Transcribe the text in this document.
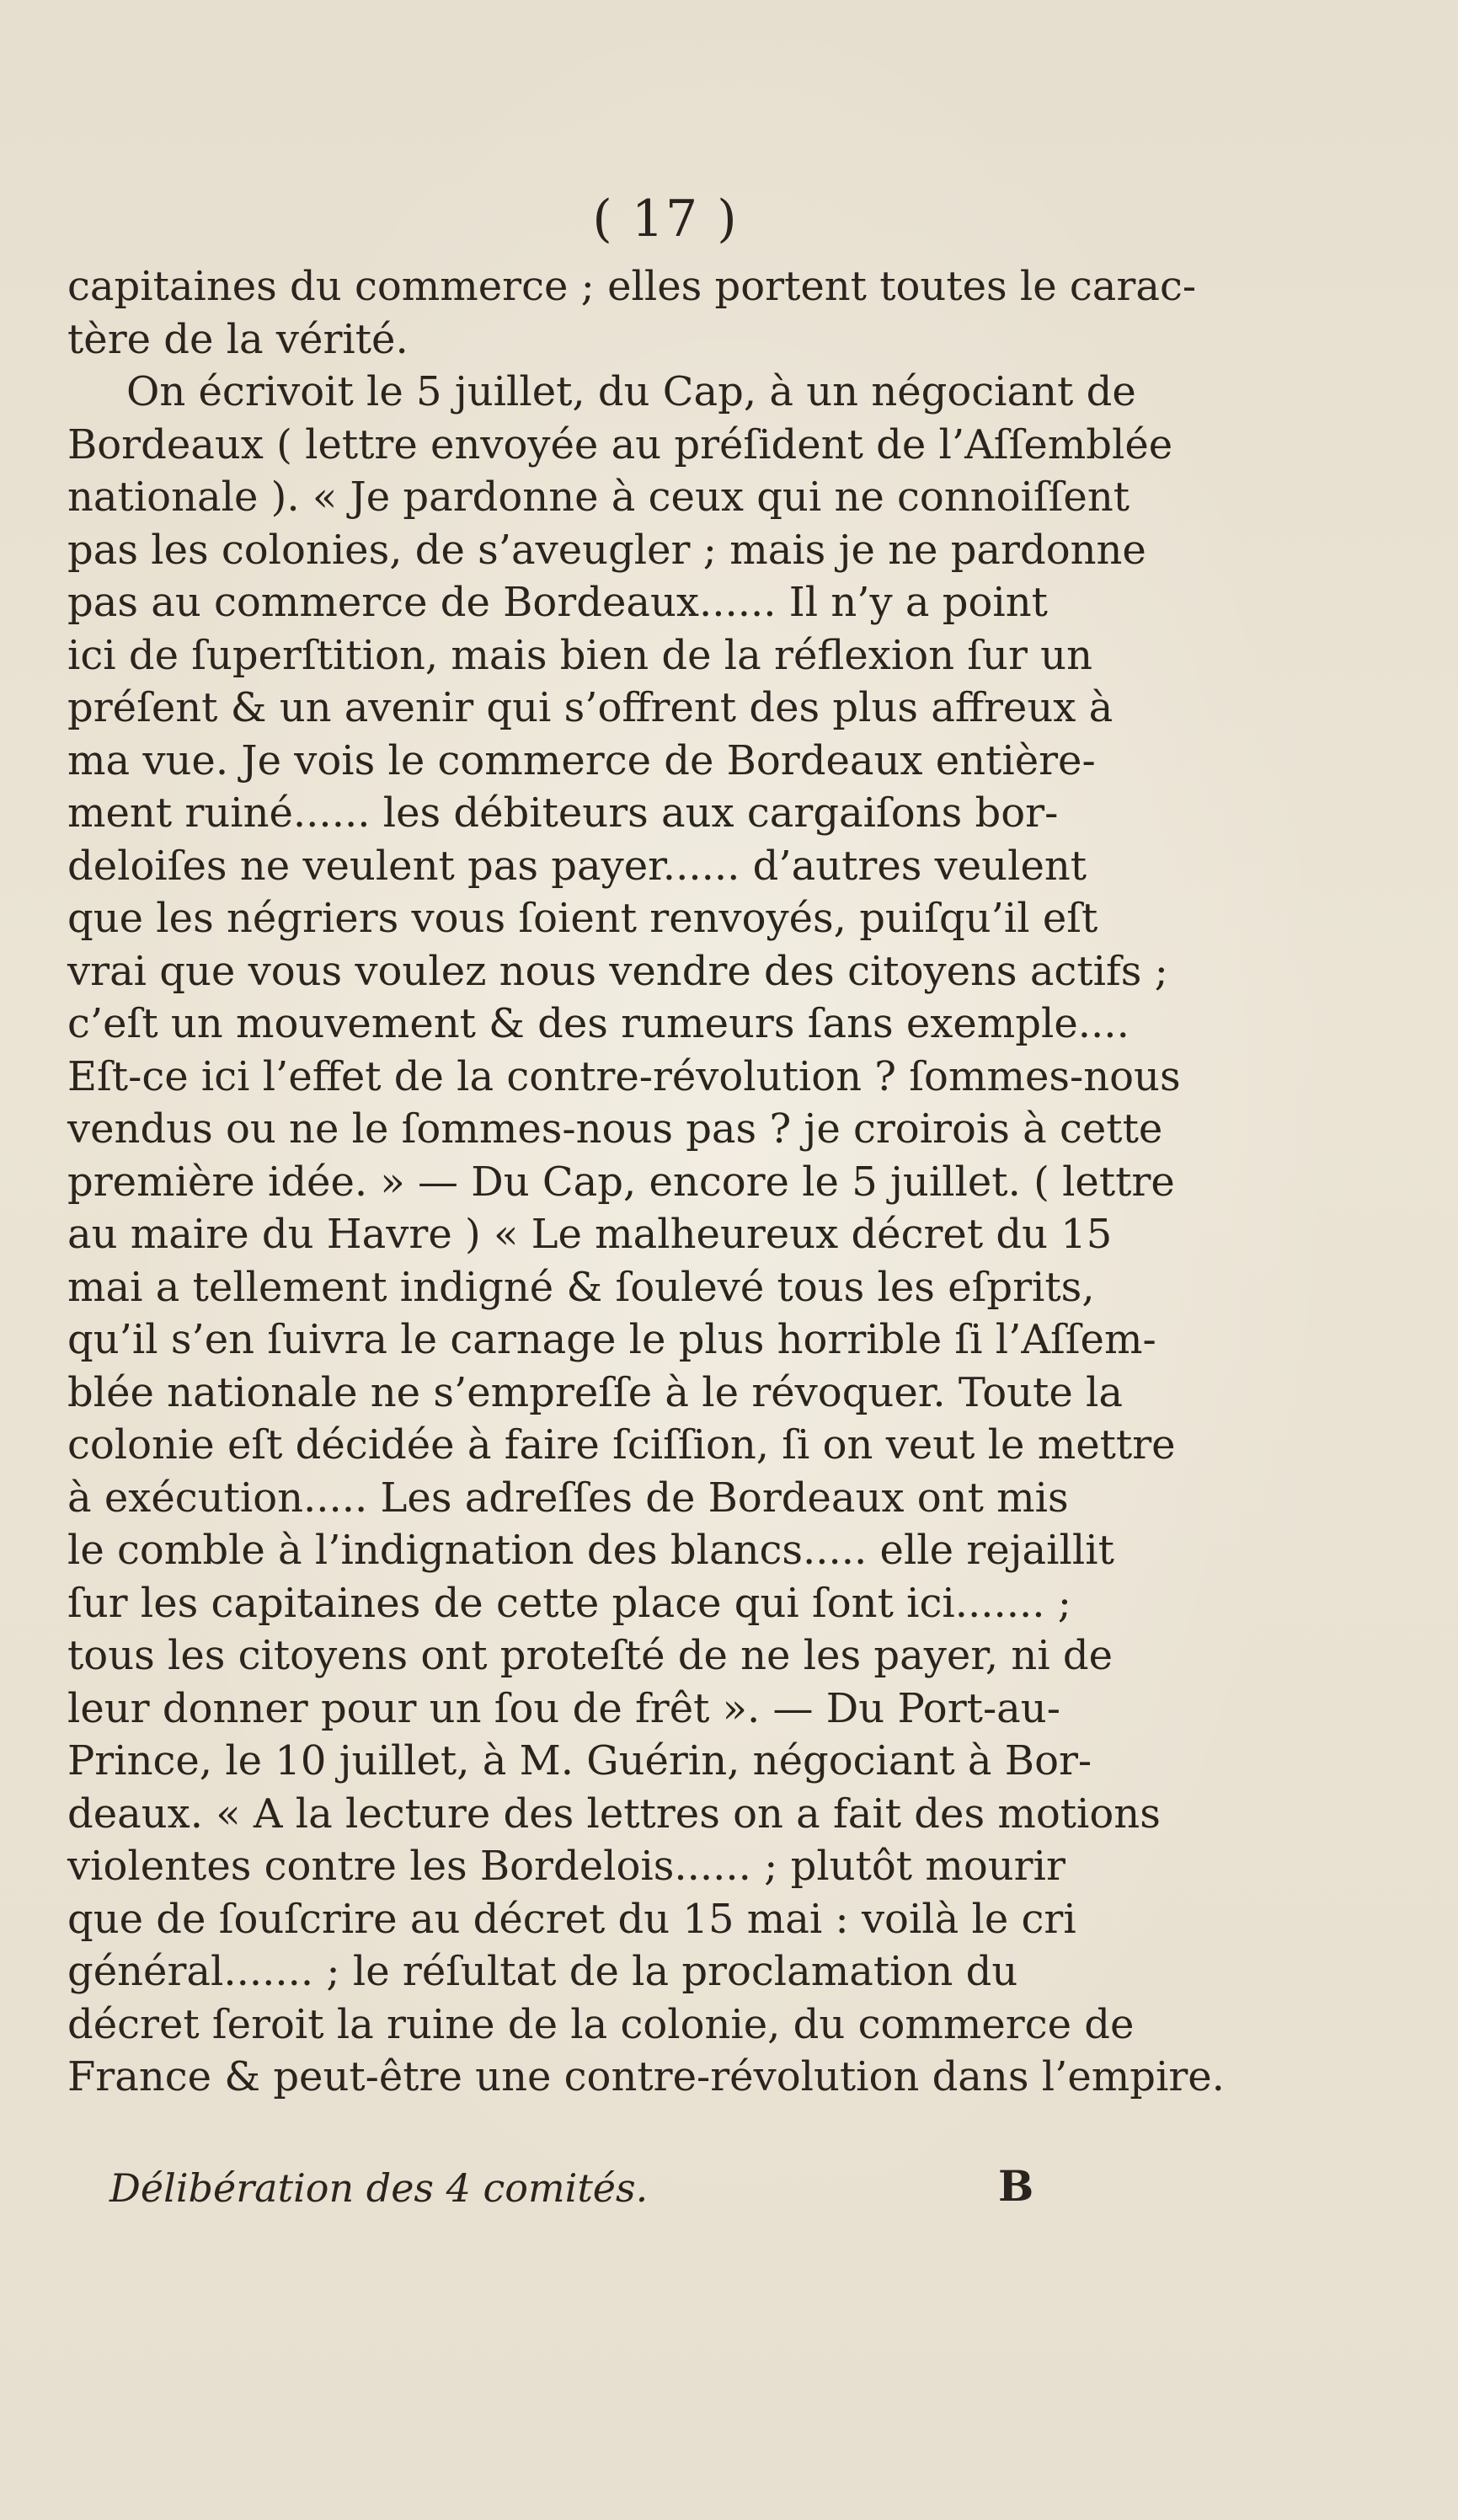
( 17 )
capitaines du commerce ; elles portent toutes le carac-
tère de la vérité.
On écrivoit le 5 juillet, du Cap, à un négociant de
Bordeaux ( lettre envoyée au préſident de l’Aſſemblée
nationale ). « Je pardonne à ceux qui ne connoiſſent
pas les colonies, de s’aveugler ; mais je ne pardonne
pas au commerce de Bordeaux...... Il n’y a point
ici de ſuperſtition, mais bien de la réflexion ſur un
préſent & un avenir qui s’offrent des plus affreux à
ma vue. Je vois le commerce de Bordeaux entière-
ment ruiné...... les débiteurs aux cargaiſons bor-
deloiſes ne veulent pas payer...... d’autres veulent
que les négriers vous ſoient renvoyés, puiſqu’il eſt
vrai que vous voulez nous vendre des citoyens actifs ;
c’eſt un mouvement & des rumeurs ſans exemple....
Eſt-ce ici l’effet de la contre-révolution ? ſommes-nous
vendus ou ne le ſommes-nous pas ? je croirois à cette
première idée. » — Du Cap, encore le 5 juillet. ( lettre
au maire du Havre ) « Le malheureux décret du 15
mai a tellement indigné & ſoulevé tous les eſprits,
qu’il s’en ſuivra le carnage le plus horrible ſi l’Aſſem-
blée nationale ne s’empreſſe à le révoquer. Toute la
colonie eſt décidée à faire ſciſſion, ſi on veut le mettre
à exécution..... Les adreſſes de Bordeaux ont mis
le comble à l’indignation des blancs..... elle rejaillit
ſur les capitaines de cette place qui ſont ici....... ;
tous les citoyens ont proteſté de ne les payer, ni de
leur donner pour un ſou de frêt ». — Du Port-au-
Prince, le 10 juillet, à M. Guérin, négociant à Bor-
deaux. « A la lecture des lettres on a fait des motions
violentes contre les Bordelois...... ; plutôt mourir
que de ſouſcrire au décret du 15 mai : voilà le cri
général....... ; le réſultat de la proclamation du
décret ſeroit la ruine de la colonie, du commerce de
France & peut-être une contre-révolution dans l’empire.
Délibération des 4 comités.	B
